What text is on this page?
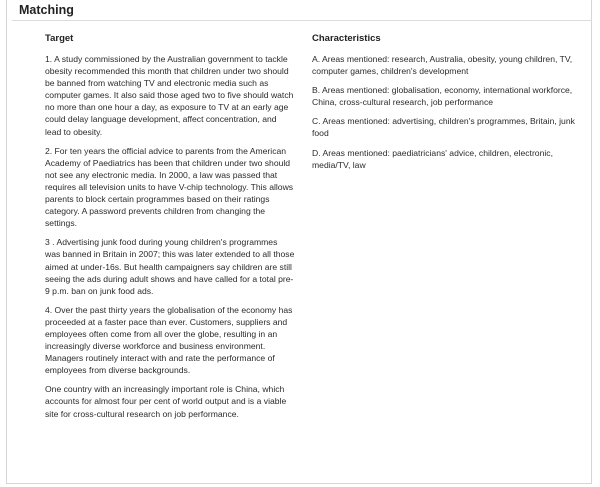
Matching
Target

1. A study commissioned by the Australian government to tackle obesity recommended this month that children under two should be banned from watching TV and electronic media such as computer games. It also said those aged two to five should watch no more than one hour a day, as exposure to TV at an early age could delay language development, affect concentration, and lead to obesity.

2. For ten years the official advice to parents from the American Academy of Paediatrics has been that children under two should not see any electronic media. In 2000, a law was passed that requires all television units to have V-chip technology. This allows parents to block certain programmes based on their ratings category. A password prevents children from changing the settings.

3 . Advertising junk food during young children's programmes was banned in Britain in 2007; this was later extended to all those aimed at under-16s. But health campaigners say children are still seeing the ads during adult shows and have called for a total pre-9 p.m. ban on junk food ads.

4. Over the past thirty years the globalisation of the economy has proceeded at a faster pace than ever. Customers, suppliers and employees often come from all over the globe, resulting in an increasingly diverse workforce and business environment. Managers routinely interact with and rate the performance of employees from diverse backgrounds.

One country with an increasingly important role is China, which accounts for almost four per cent of world output and is a viable site for cross-cultural research on job performance.

Characteristics

A. Areas mentioned: research, Australia, obesity, young children, TV, computer games, children's development

B. Areas mentioned: globalisation, economy, international workforce, China, cross-cultural research, job performance

C. Areas mentioned: advertising, children's programmes, Britain, junk food

D. Areas mentioned: paediatricians' advice, children, electronic, media/TV, law
